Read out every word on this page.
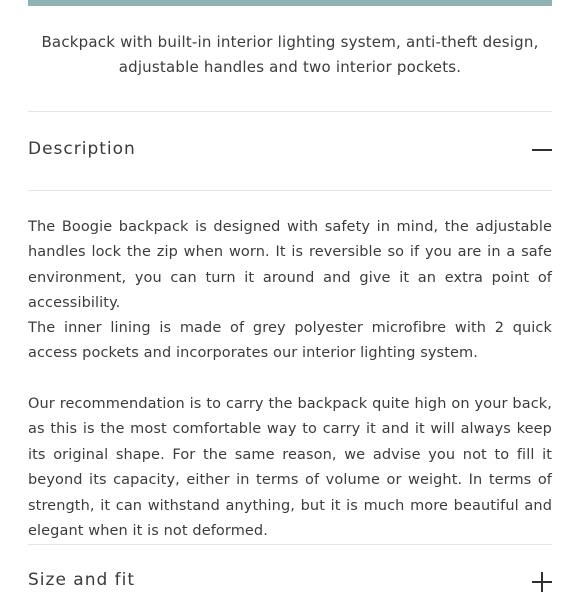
Backpack with built-in interior lighting system, anti-theft design, adjustable handles and two interior pockets.
Description

The Boogie backpack is designed with safety in mind, the adjustable handles lock the zip when worn. It is reversible so if you are in a safe environment, you can turn it around and give it an extra point of accessibility.

The inner lining is made of grey polyester microfibre with 2 quick access pockets and incorporates our interior lighting system.

Our recommendation is to carry the backpack quite high on your back, as this is the most comfortable way to carry it and it will always keep its original shape. For the same reason, we advise you not to fill it beyond its capacity, either in terms of volume or weight. In terms of strength, it can withstand anything, but it is much more beautiful and elegant when it is not deformed.

Size and fit
